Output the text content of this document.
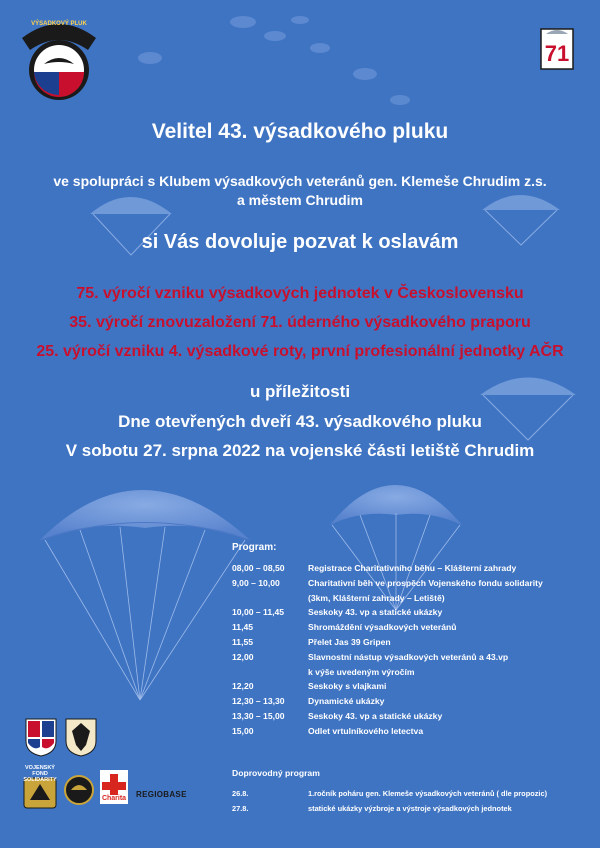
VÝSADKOVÝ PLUK
71
Velitel 43. výsadkového pluku
ve spolupráci s Klubem výsadkových veteránů gen. Klemeše Chrudim z.s.
a městem Chrudim
si Vás dovoluje pozvat k oslavám
75. výročí vzniku výsadkových jednotek v Československu
35. výročí znovuzaložení 71. úderného výsadkového praporu
25. výročí vzniku 4. výsadkové roty, první profesionální jednotky AČR
u příležitosti
Dne otevřených dveří 43. výsadkového pluku
V sobotu 27. srpna 2022 na vojenské části letiště Chrudim
Program:
08,00 – 08,50	Registrace Charitativního běhu – Klášterní zahrady
9,00 – 10,00	Charitativní běh ve prospěch Vojenského fondu solidarity
(3km, Klášterní zahrady – Letiště)
10,00 – 11,45	Seskoky 43. vp a statické ukázky
11,45	Shromáždění výsadkových veteránů
11,55	Přelet Jas 39 Gripen
12,00	Slavnostní nástup výsadkových veteránů a 43.vp
k výše uvedeným výročím
12,20	Seskoky s vlajkami
12,30 – 13,30	Dynamické ukázky
13,30 – 15,00	Seskoky 43. vp a statické ukázky
15,00	Odlet vrtulníkového letectva
Doprovodný program
26.8.	1.ročník poháru gen. Klemeše výsadkových veteránů ( dle propozic)
27.8.	statické ukázky výzbroje a výstroje výsadkových jednotek
VOJENSKÝ FOND SOLIDARITY
Charita REGIOBASE
